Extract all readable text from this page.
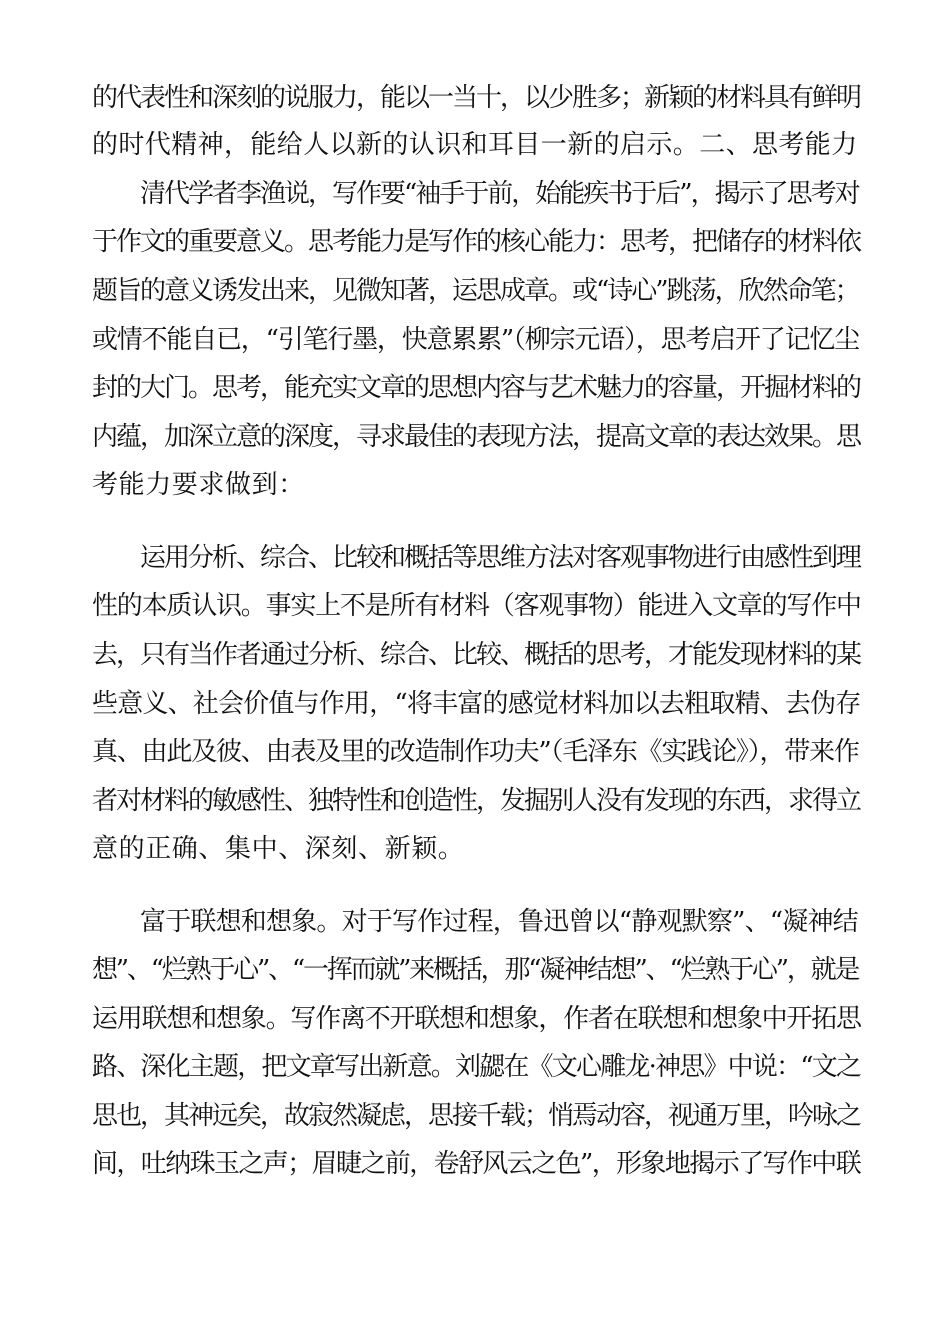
的代表性和深刻的说服力，能以一当十，以少胜多；新颖的材料具有鲜明
的时代精神，能给人以新的认识和耳目一新的启示。二、思考能力
清代学者李渔说，写作要“袖手于前，始能疾书于后”，揭示了思考对
于作文的重要意义。思考能力是写作的核心能力：思考，把储存的材料依
题旨的意义诱发出来，见微知著，运思成章。或“诗心”跳荡，欣然命笔；
或情不能自已，“引笔行墨，快意累累”（柳宗元语），思考启开了记忆尘
封的大门。思考，能充实文章的思想内容与艺术魅力的容量，开掘材料的
内蕴，加深立意的深度，寻求最佳的表现方法，提高文章的表达效果。思
考能力要求做到：
运用分析、综合、比较和概括等思维方法对客观事物进行由感性到理
性的本质认识。事实上不是所有材料（客观事物）能进入文章的写作中
去，只有当作者通过分析、综合、比较、概括的思考，才能发现材料的某
些意义、社会价值与作用，“将丰富的感觉材料加以去粗取精、去伪存
真、由此及彼、由表及里的改造制作功夫”（毛泽东《实践论》），带来作
者对材料的敏感性、独特性和创造性，发掘别人没有发现的东西，求得立
意的正确、集中、深刻、新颖。
富于联想和想象。对于写作过程，鲁迅曾以“静观默察”、“凝神结
想”、“烂熟于心”、“一挥而就”来概括，那“凝神结想”、“烂熟于心”，就是
运用联想和想象。写作离不开联想和想象，作者在联想和想象中开拓思
路、深化主题，把文章写出新意。刘勰在《文心雕龙·神思》中说：“文之
思也，其神远矣，故寂然凝虑，思接千载；悄焉动容，视通万里，吟咏之
间，吐纳珠玉之声；眉睫之前，卷舒风云之色”，形象地揭示了写作中联
